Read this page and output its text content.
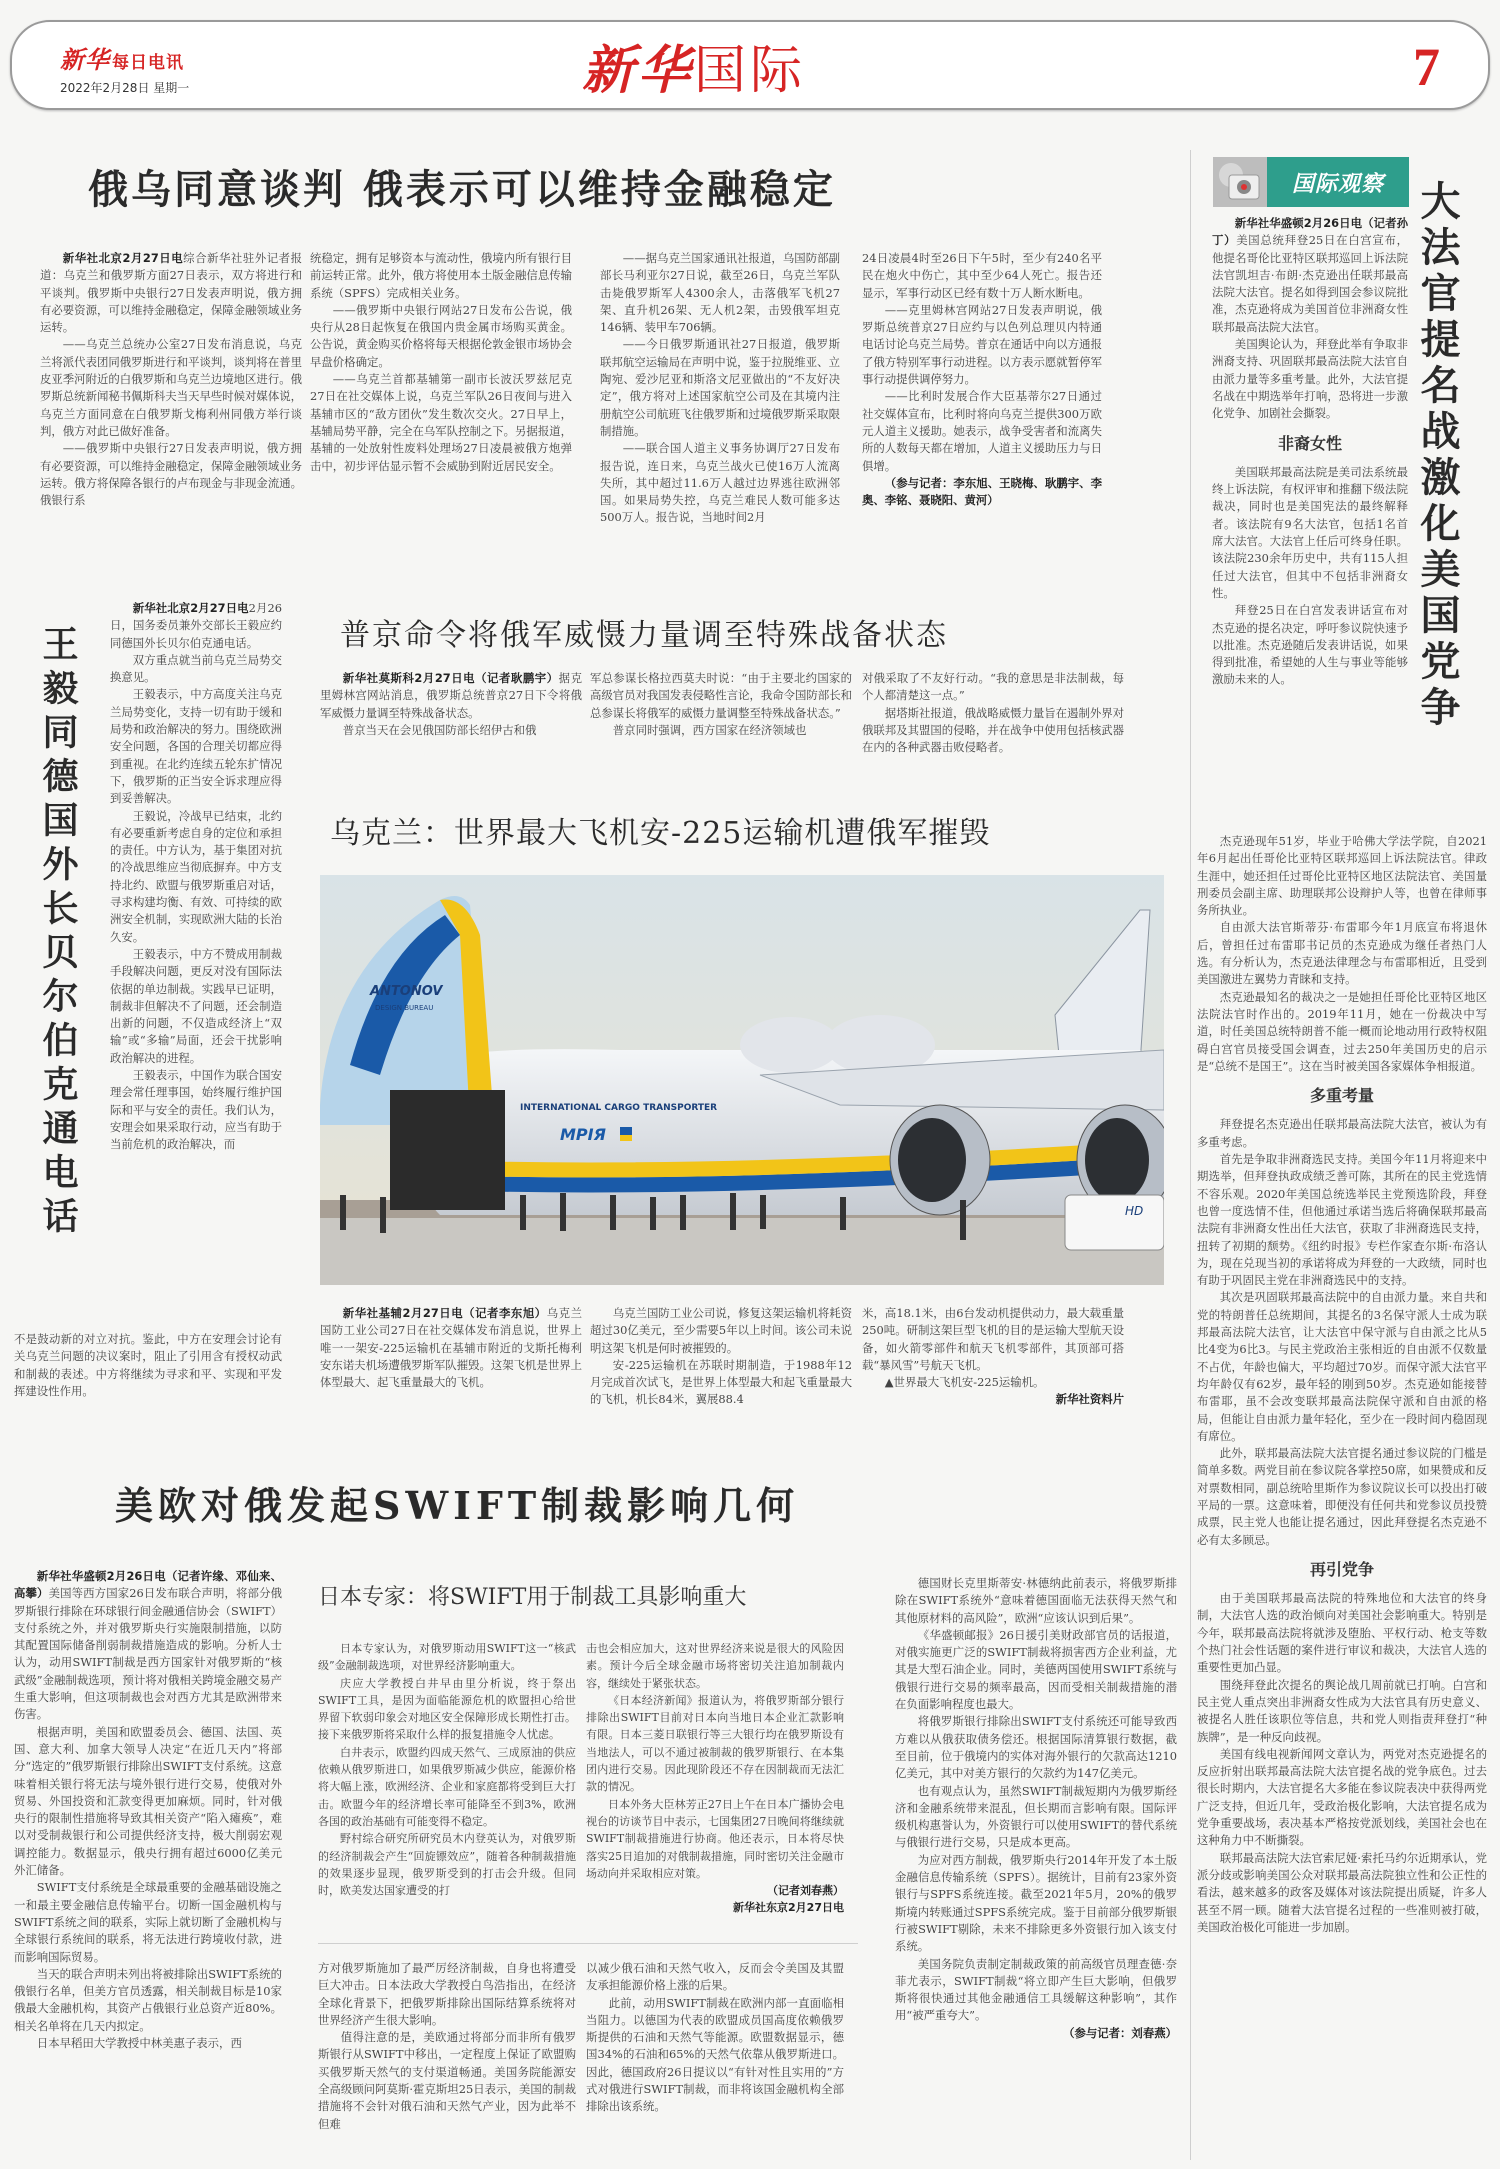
新华 每日电讯
2022年2月28日 星期一	新华国际	7
俄乌同意谈判 俄表示可以维持金融稳定

新华社北京2月27日电综合新华社驻外记者报道：乌克兰和俄罗斯方面27日表示，双方将进行和平谈判。俄罗斯中央银行27日发表声明说，俄方拥有必要资源，可以维持金融稳定，保障金融领域业务运转。

——乌克兰总统办公室27日发布消息说，乌克兰将派代表团同俄罗斯进行和平谈判，谈判将在普里皮亚季河附近的白俄罗斯和乌克兰边境地区进行。俄罗斯总统新闻秘书佩斯科夫当天早些时候对媒体说，乌克兰方面同意在白俄罗斯戈梅利州同俄方举行谈判，俄方对此已做好准备。

——俄罗斯中央银行27日发表声明说，俄方拥有必要资源，可以维持金融稳定，保障金融领域业务运转。俄方将保障各银行的卢布现金与非现金流通。俄银行系

统稳定，拥有足够资本与流动性，俄境内所有银行目前运转正常。此外，俄方将使用本土版金融信息传输系统（SPFS）完成相关业务。

——俄罗斯中央银行网站27日发布公告说，俄央行从28日起恢复在俄国内贵金属市场购买黄金。公告说，黄金购买价格将每天根据伦敦金银市场协会早盘价格确定。

——乌克兰首都基辅第一副市长波沃罗兹尼克27日在社交媒体上说，乌克兰军队26日夜间与进入基辅市区的“敌方团伙”发生数次交火。27日早上，基辅局势平静，完全在乌军队控制之下。另据报道，基辅的一处放射性废料处理场27日凌晨被俄方炮弹击中，初步评估显示暂不会威胁到附近居民安全。

——据乌克兰国家通讯社报道，乌国防部副部长马利亚尔27日说，截至26日，乌克兰军队击毙俄罗斯军人4300余人，击落俄军飞机27架、直升机26架、无人机2架，击毁俄军坦克146辆、装甲车706辆。

——今日俄罗斯通讯社27日报道，俄罗斯联邦航空运输局在声明中说，鉴于拉脱维亚、立陶宛、爱沙尼亚和斯洛文尼亚做出的“不友好决定”，俄方将对上述国家航空公司及在其境内注册航空公司航班飞往俄罗斯和过境俄罗斯采取限制措施。

——联合国人道主义事务协调厅27日发布报告说，连日来，乌克兰战火已使16万人流离失所，其中超过11.6万人越过边界逃往欧洲邻国。如果局势失控，乌克兰难民人数可能多达500万人。报告说，当地时间2月

24日凌晨4时至26日下午5时，至少有240名平民在炮火中伤亡，其中至少64人死亡。报告还显示，军事行动区已经有数十万人断水断电。

——克里姆林宫网站27日发表声明说，俄罗斯总统普京27日应约与以色列总理贝内特通电话讨论乌克兰局势。普京在通话中向以方通报了俄方特别军事行动进程。以方表示愿就暂停军事行动提供调停努力。

——比利时发展合作大臣基蒂尔27日通过社交媒体宣布，比利时将向乌克兰提供300万欧元人道主义援助。她表示，战争受害者和流离失所的人数每天都在增加，人道主义援助压力与日俱增。

（参与记者：李东旭、王晓梅、耿鹏宇、李奥、李铭、聂晓阳、黄河）

王毅同德国外长贝尔伯克通电话

新华社北京2月27日电2月26日，国务委员兼外交部长王毅应约同德国外长贝尔伯克通电话。

双方重点就当前乌克兰局势交换意见。

王毅表示，中方高度关注乌克兰局势变化，支持一切有助于缓和局势和政治解决的努力。围绕欧洲安全问题，各国的合理关切都应得到重视。在北约连续五轮东扩情况下，俄罗斯的正当安全诉求理应得到妥善解决。

王毅说，冷战早已结束，北约有必要重新考虑自身的定位和承担的责任。中方认为，基于集团对抗的冷战思维应当彻底摒弃。中方支持北约、欧盟与俄罗斯重启对话，寻求构建均衡、有效、可持续的欧洲安全机制，实现欧洲大陆的长治久安。

王毅表示，中方不赞成用制裁手段解决问题，更反对没有国际法依据的单边制裁。实践早已证明，制裁非但解决不了问题，还会制造出新的问题，不仅造成经济上“双输”或“多输”局面，还会干扰影响政治解决的进程。

王毅表示，中国作为联合国安理会常任理事国，始终履行维护国际和平与安全的责任。我们认为，安理会如果采取行动，应当有助于当前危机的政治解决，而

不是鼓动新的对立对抗。鉴此，中方在安理会讨论有关乌克兰问题的决议案时，阻止了引用含有授权动武和制裁的表述。中方将继续为寻求和平、实现和平发挥建设性作用。

普京命令将俄军威慑力量调至特殊战备状态

新华社莫斯科2月27日电（记者耿鹏宇）据克里姆林宫网站消息，俄罗斯总统普京27日下令将俄军威慑力量调至特殊战备状态。

普京当天在会见俄国防部长绍伊古和俄

军总参谋长格拉西莫夫时说：“由于主要北约国家的高级官员对我国发表侵略性言论，我命令国防部长和总参谋长将俄军的威慑力量调整至特殊战备状态。”

普京同时强调，西方国家在经济领域也

对俄采取了不友好行动。“我的意思是非法制裁，每个人都清楚这一点。”

据塔斯社报道，俄战略威慑力量旨在遏制外界对俄联邦及其盟国的侵略，并在战争中使用包括核武器在内的各种武器击败侵略者。

乌克兰：世界最大飞机安-225运输机遭俄军摧毁
ANTONOV
DESIGN BUREAU
INTERNATIONAL CARGO TRANSPORTER
МРІЯ
HD

新华社基辅2月27日电（记者李东旭）乌克兰国防工业公司27日在社交媒体发布消息说，世界上唯一一架安-225运输机在基辅市附近的戈斯托梅利安东诺夫机场遭俄罗斯军队摧毁。这架飞机是世界上体型最大、起飞重量最大的飞机。

乌克兰国防工业公司说，修复这架运输机将耗资超过30亿美元，至少需要5年以上时间。该公司未说明这架飞机是何时被摧毁的。

安-225运输机在苏联时期制造，于1988年12月完成首次试飞，是世界上体型最大和起飞重量最大的飞机，机长84米，翼展88.4

米，高18.1米，由6台发动机提供动力，最大载重量250吨。研制这架巨型飞机的目的是运输大型航天设备，如火箭零部件和航天飞机零部件，其顶部可搭载“暴风雪”号航天飞机。

▲世界最大飞机安-225运输机。

新华社资料片

国际观察 大法官提名战激化美国党争

新华社华盛顿2月26日电（记者孙丁）美国总统拜登25日在白宫宣布，他提名哥伦比亚特区联邦巡回上诉法院法官凯坦吉·布朗·杰克逊出任联邦最高法院大法官。提名如得到国会参议院批准，杰克逊将成为美国首位非洲裔女性联邦最高法院大法官。

美国舆论认为，拜登此举有争取非洲裔支持、巩固联邦最高法院大法官自由派力量等多重考量。此外，大法官提名战在中期选举年打响，恐将进一步激化党争、加剧社会撕裂。

非裔女性

美国联邦最高法院是美司法系统最终上诉法院，有权评审和推翻下级法院裁决，同时也是美国宪法的最终解释者。该法院有9名大法官，包括1名首席大法官。大法官上任后可终身任职。该法院230余年历史中，共有115人担任过大法官，但其中不包括非洲裔女性。

拜登25日在白宫发表讲话宣布对杰克逊的提名决定，呼吁参议院快速予以批准。杰克逊随后发表讲话说，如果得到批准，希望她的人生与事业等能够激励未来的人。

杰克逊现年51岁，毕业于哈佛大学法学院，自2021年6月起出任哥伦比亚特区联邦巡回上诉法院法官。律政生涯中，她还担任过哥伦比亚特区地区法院法官、美国量刑委员会副主席、助理联邦公设辩护人等，也曾在律师事务所执业。

自由派大法官斯蒂芬·布雷耶今年1月底宣布将退休后，曾担任过布雷耶书记员的杰克逊成为继任者热门人选。有分析认为，杰克逊法律理念与布雷耶相近，且受到美国激进左翼势力青睐和支持。

杰克逊最知名的裁决之一是她担任哥伦比亚特区地区法院法官时作出的。2019年11月，她在一份裁决中写道，时任美国总统特朗普不能一概而论地动用行政特权阻碍白宫官员接受国会调查，过去250年美国历史的启示是“总统不是国王”。这在当时被美国各家媒体争相报道。

多重考量

拜登提名杰克逊出任联邦最高法院大法官，被认为有多重考虑。

首先是争取非洲裔选民支持。美国今年11月将迎来中期选举，但拜登执政成绩乏善可陈，其所在的民主党选情不容乐观。2020年美国总统选举民主党预选阶段，拜登也曾一度选情不佳，但他通过承诺当选后将确保联邦最高法院有非洲裔女性出任大法官，获取了非洲裔选民支持，扭转了初期的颓势。《纽约时报》专栏作家查尔斯·布洛认为，现在兑现当初的承诺将成为拜登的一大政绩，同时也有助于巩固民主党在非洲裔选民中的支持。

其次是巩固联邦最高法院中的自由派力量。来自共和党的特朗普任总统期间，其提名的3名保守派人士成为联邦最高法院大法官，让大法官中保守派与自由派之比从5比4变为6比3。与民主党政治主张相近的自由派不仅数量不占优，年龄也偏大，平均超过70岁。而保守派大法官平均年龄仅有62岁，最年轻的刚到50岁。杰克逊如能接替布雷耶，虽不会改变联邦最高法院保守派和自由派的格局，但能让自由派力量年轻化，至少在一段时间内稳固现有席位。

此外，联邦最高法院大法官提名通过参议院的门槛是简单多数。两党目前在参议院各掌控50席，如果赞成和反对票数相同，副总统哈里斯作为参议院议长可以投出打破平局的一票。这意味着，即便没有任何共和党参议员投赞成票，民主党人也能让提名通过，因此拜登提名杰克逊不必有太多顾忌。

再引党争

由于美国联邦最高法院的特殊地位和大法官的终身制，大法官人选的政治倾向对美国社会影响重大。特别是今年，联邦最高法院将就涉及堕胎、平权行动、枪支等数个热门社会性话题的案件进行审议和裁决，大法官人选的重要性更加凸显。

围绕拜登此次提名的舆论战几周前就已打响。白宫和民主党人重点突出非洲裔女性成为大法官具有历史意义、被提名人胜任该职位等信息，共和党人则指责拜登打“种族牌”，是一种反向歧视。

美国有线电视新闻网文章认为，两党对杰克逊提名的反应折射出联邦最高法院大法官提名战的党争底色。过去很长时期内，大法官提名大多能在参议院表决中获得两党广泛支持，但近几年，受政治极化影响，大法官提名成为党争重要战场，表决基本严格按党派划线，美国社会也在这种角力中不断撕裂。

联邦最高法院大法官索尼娅·索托马约尔近期承认，党派分歧或影响美国公众对联邦最高法院独立性和公正性的看法，越来越多的政客及媒体对该法院提出质疑，许多人甚至不屑一顾。随着大法官提名过程的一些准则被打破，美国政治极化可能进一步加剧。

美欧对俄发起SWIFT制裁影响几何

新华社华盛顿2月26日电（记者许缘、邓仙来、高攀）美国等西方国家26日发布联合声明，将部分俄罗斯银行排除在环球银行间金融通信协会（SWIFT）支付系统之外，并对俄罗斯央行实施限制措施，以防其配置国际储备削弱制裁措施造成的影响。分析人士认为，动用SWIFT制裁是西方国家针对俄罗斯的“核武级”金融制裁选项，预计将对俄相关跨境金融交易产生重大影响，但这项制裁也会对西方尤其是欧洲带来伤害。

根据声明，美国和欧盟委员会、德国、法国、英国、意大利、加拿大领导人决定“在近几天内”将部分“选定的”俄罗斯银行排除出SWIFT支付系统。这意味着相关银行将无法与境外银行进行交易，使俄对外贸易、外国投资和汇款变得更加麻烦。同时，针对俄央行的限制性措施将导致其相关资产“陷入瘫痪”，难以对受制裁银行和公司提供经济支持，极大削弱宏观调控能力。数据显示，俄央行拥有超过6000亿美元外汇储备。

SWIFT支付系统是全球最重要的金融基础设施之一和最主要金融信息传输平台。切断一国金融机构与SWIFT系统之间的联系，实际上就切断了金融机构与全球银行系统间的联系，将无法进行跨境收付款，进而影响国际贸易。

当天的联合声明未列出将被排除出SWIFT系统的俄银行名单，但美方官员透露，相关制裁目标是10家俄最大金融机构，其资产占俄银行业总资产近80%。相关名单将在几天内拟定。

日本早稻田大学教授中林美惠子表示，西

日本专家：将SWIFT用于制裁工具影响重大

日本专家认为，对俄罗斯动用SWIFT这一“核武级”金融制裁选项，对世界经济影响重大。

庆应大学教授白井早由里分析说，终于祭出SWIFT工具，是因为面临能源危机的欧盟担心给世界留下软弱印象会对地区安全保障形成长期性打击。接下来俄罗斯将采取什么样的报复措施令人忧虑。

白井表示，欧盟约四成天然气、三成原油的供应依赖从俄罗斯进口，如果俄罗斯减少供应，能源价格将大幅上涨，欧洲经济、企业和家庭都将受到巨大打击。欧盟今年的经济增长率可能降至不到3%，欧洲各国的政治基础有可能变得不稳定。

野村综合研究所研究员木内登英认为，对俄罗斯的经济制裁会产生“回旋镖效应”，随着各种制裁措施的效果逐步显现，俄罗斯受到的打击会升级。但同时，欧美发达国家遭受的打

击也会相应加大，这对世界经济来说是很大的风险因素。预计今后全球金融市场将密切关注追加制裁内容，继续处于紧张状态。

《日本经济新闻》报道认为，将俄罗斯部分银行排除出SWIFT目前对日本向当地日本企业汇款影响有限。日本三菱日联银行等三大银行均在俄罗斯设有当地法人，可以不通过被制裁的俄罗斯银行、在本集团内进行交易。因此现阶段还不存在因制裁而无法汇款的情况。

日本外务大臣林芳正27日上午在日本广播协会电视台的访谈节目中表示，七国集团27日晚间将继续就SWIFT制裁措施进行协商。他还表示，日本将尽快落实25日追加的对俄制裁措施，同时密切关注金融市场动向并采取相应对策。

（记者刘春燕）

新华社东京2月27日电

方对俄罗斯施加了最严厉经济制裁，自身也将遭受巨大冲击。日本法政大学教授白鸟浩指出，在经济全球化背景下，把俄罗斯排除出国际结算系统将对世界经济产生很大影响。

值得注意的是，美欧通过将部分而非所有俄罗斯银行从SWIFT中移出，一定程度上保证了欧盟购买俄罗斯天然气的支付渠道畅通。美国务院能源安全高级顾问阿莫斯·霍克斯坦25日表示，美国的制裁措施将不会针对俄石油和天然气产业，因为此举不但难

以减少俄石油和天然气收入，反而会令美国及其盟友承担能源价格上涨的后果。

此前，动用SWIFT制裁在欧洲内部一直面临相当阻力。以德国为代表的欧盟成员国高度依赖俄罗斯提供的石油和天然气等能源。欧盟数据显示，德国34%的石油和65%的天然气依靠从俄罗斯进口。因此，德国政府26日提议以“有针对性且实用的”方式对俄进行SWIFT制裁，而非将该国金融机构全部排除出该系统。

德国财长克里斯蒂安·林德纳此前表示，将俄罗斯排除在SWIFT系统外“意味着德国面临无法获得天然气和其他原材料的高风险”，欧洲“应该认识到后果”。

《华盛顿邮报》26日援引美财政部官员的话报道，对俄实施更广泛的SWIFT制裁将损害西方企业利益，尤其是大型石油企业。同时，美德两国使用SWIFT系统与俄银行进行交易的频率最高，因而受相关制裁措施的潜在负面影响程度也最大。

将俄罗斯银行排除出SWIFT支付系统还可能导致西方难以从俄获取债务偿还。根据国际清算银行数据，截至目前，位于俄境内的实体对海外银行的欠款高达1210亿美元，其中对美方银行的欠款约为147亿美元。

也有观点认为，虽然SWIFT制裁短期内为俄罗斯经济和金融系统带来混乱，但长期而言影响有限。国际评级机构惠誉认为，外资银行可以使用SWIFT的替代系统与俄银行进行交易，只是成本更高。

为应对西方制裁，俄罗斯央行2014年开发了本土版金融信息传输系统（SPFS）。据统计，目前有23家外资银行与SPFS系统连接。截至2021年5月，20%的俄罗斯境内转账通过SPFS系统完成。鉴于目前部分俄罗斯银行被SWIFT剔除，未来不排除更多外资银行加入该支付系统。

美国务院负责制定制裁政策的前高级官员理查德·奈菲尤表示，SWIFT制裁“将立即产生巨大影响，但俄罗斯将很快通过其他金融通信工具缓解这种影响”，其作用“被严重夸大”。

（参与记者：刘春燕）
